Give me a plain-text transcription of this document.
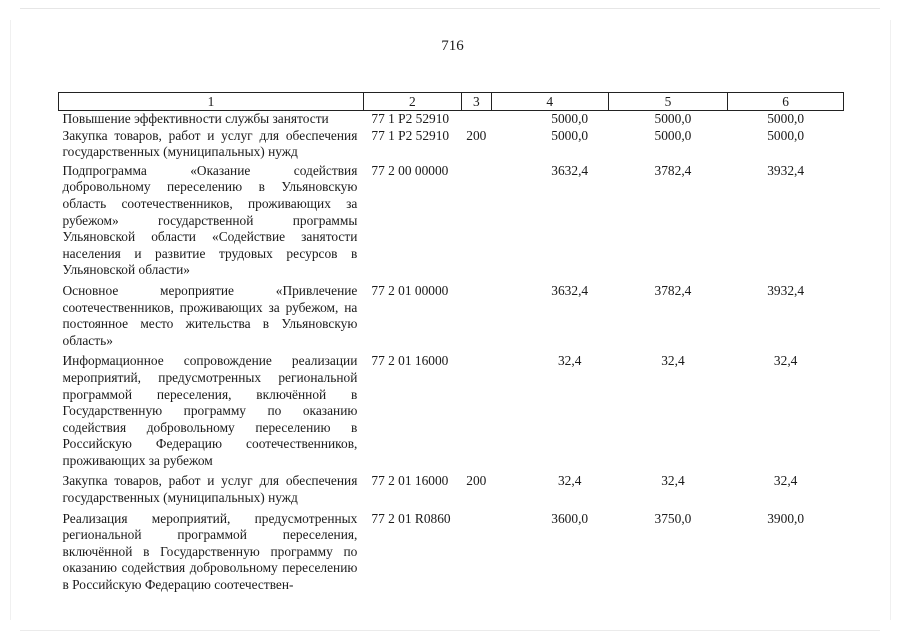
716
1	2	3	4	5	6
Повышение эффективности службы занятости	77 1 P2 52910		5000,0	5000,0	5000,0
Закупка товаров, работ и услуг для обеспечения государственных (муниципальных) нужд	77 1 P2 52910	200	5000,0	5000,0	5000,0
Подпрограмма «Оказание содействия добровольному переселению в Ульяновскую область соотечественников, проживающих за рубежом» государственной программы Ульяновской области «Содействие занятости населения и развитие трудовых ресурсов в Ульяновской области»	77 2 00 00000		3632,4	3782,4	3932,4
Основное мероприятие «Привлечение соотечественников, проживающих за рубежом, на постоянное место жительства в Ульяновскую область»	77 2 01 00000		3632,4	3782,4	3932,4
Информационное сопровождение реализации мероприятий, предусмотренных региональной программой переселения, включённой в Государственную программу по оказанию содействия добровольному переселению в Российскую Федерацию соотечественников, проживающих за рубежом	77 2 01 16000		32,4	32,4	32,4
Закупка товаров, работ и услуг для обеспечения государственных (муниципальных) нужд	77 2 01 16000	200	32,4	32,4	32,4
Реализация мероприятий, предусмотренных региональной программой переселения, включённой в Государственную программу по оказанию содействия добровольному переселению в Российскую Федерацию соотечествен-	77 2 01 R0860		3600,0	3750,0	3900,0
